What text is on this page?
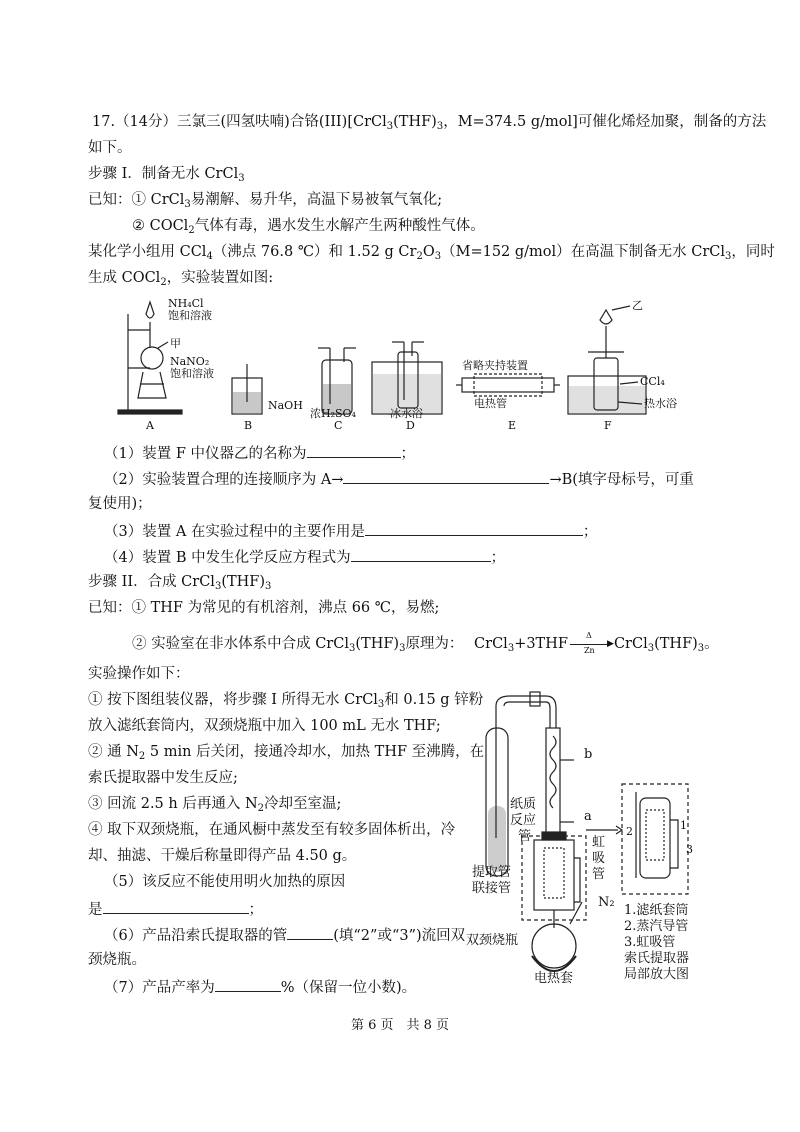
17.（14分）三氯三(四氢呋喃)合铬$(III)[CrCl_3(THF)_3$，M=374.5 g/mol]可催化烯烃加聚，制备的方法
如下。
步骤 I．制备无水 CrCl$_3$
已知：① CrCl$_3$易潮解、易升华，高温下易被氧气氧化;
② COCl$_2$气体有毒，遇水发生水解产生两种酸性气体。
某化学小组用 CCl$_4$（沸点 76.8 ℃）和 1.52 g $Cr_2O_3(M=152$ g/mol）在高温下制备无水 CrCl$_3$，同时
生成 COCl$_2$，实验装置如图:
NH₄Cl
饱和溶液
甲
NaNO₂
饱和溶液
NaOH
浓H₂SO₄	冰水浴
省略夹持装置
电热管
乙
CCl₄
热水浴
A	B	C	D	E	F
（1）装置 F 中仪器乙的名称为	；
（2）实验装置合理的连接顺序为 A→	→B(填字母标号，可重
复使用)；
（3）装置 A 在实验过程中的主要作用是	；
（4）装置 B 中发生化学反应方程式为	；
步骤 II．合成 $CrCl_3(THF)_3$
已知：① THF 为常见的有机溶剂，沸点 66 ℃，易燃;
② 实验室在非水体系中合成 $CrCl_3(THF)_3$原理为： CrCl$_3$+3THF
Δ
▶
Zn $CrCl_3(THF)_3$。
实验操作如下：
① 按下图组装仪器，将步骤 I 所得无水 CrCl$_3$和 0.15 g 锌粉
放入滤纸套筒内，双颈烧瓶中加入 100 mL 无水 THF;
② 通 $N_2$ 5 min 后关闭，接通冷却水，加热 THF 至沸腾，在
索氏提取器中发生反应;
③ 回流 2.5 h 后再通入 $N_2$冷却至室温;
④ 取下双颈烧瓶，在通风橱中蒸发至有较多固体析出，冷
却、抽滤、干燥后称量即得产品 4.50 g。
（5）该反应不能使用明火加热的原因
是	；
（6）产品沿索氏提取器的管	(填“2”或“3”)流回双
颈烧瓶。
（7）产品产率为	%（保留一位小数)。
b
a
纸质
反应
管	虹
吸
管
提取管
联接管
N₂
双颈烧瓶
电热套
1
2
3
1.滤纸套筒
2.蒸汽导管
3.虹吸管
索氏提取器
局部放大图
第 6 页　共 8 页
